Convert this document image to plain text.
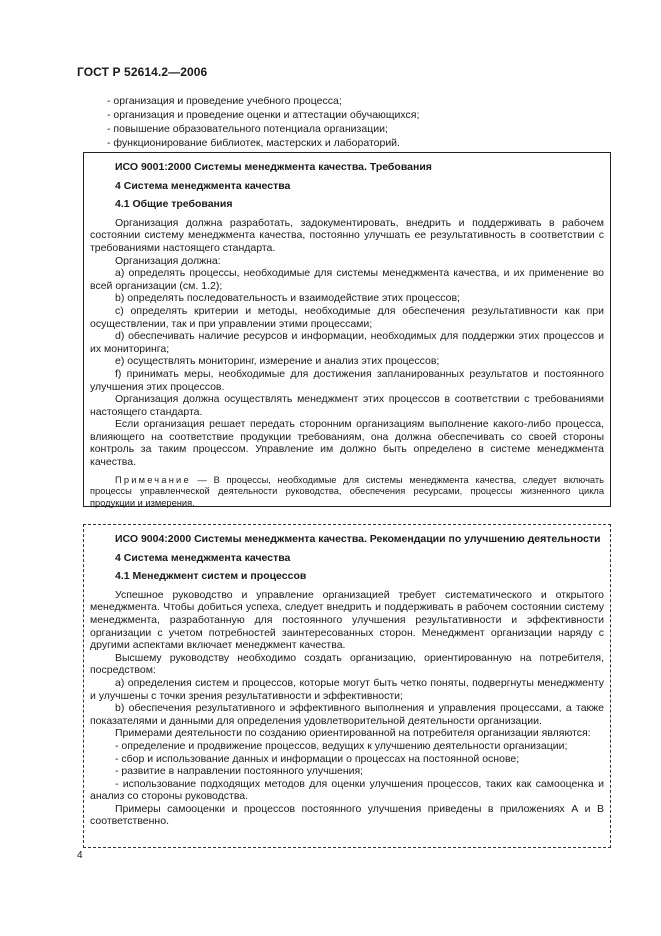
ГОСТ Р 52614.2—2006
- организация и проведение учебного процесса;
- организация и проведение оценки и аттестации обучающихся;
- повышение образовательного потенциала организации;
- функционирование библиотек, мастерских и лабораторий.

ИСО 9001:2000 Системы менеджмента качества. Требования

4 Система менеджмента качества

4.1 Общие требования

Организация должна разработать, задокументировать, внедрить и поддерживать в рабочем состоянии систему менеджмента качества, постоянно улучшать ее результативность в соответствии с требованиями настоящего стандарта.

Организация должна:

a) определять процессы, необходимые для системы менеджмента качества, и их применение во всей организации (см. 1.2);

b) определять последовательность и взаимодействие этих процессов;

c) определять критерии и методы, необходимые для обеспечения результативности как при осуществлении, так и при управлении этими процессами;

d) обеспечивать наличие ресурсов и информации, необходимых для поддержки этих процессов и их мониторинга;

e) осуществлять мониторинг, измерение и анализ этих процессов;

f) принимать меры, необходимые для достижения запланированных результатов и постоянного улучшения этих процессов.

Организация должна осуществлять менеджмент этих процессов в соответствии с требованиями настоящего стандарта.

Если организация решает передать сторонним организациям выполнение какого-либо процесса, влияющего на соответствие продукции требованиям, она должна обеспечивать со своей стороны контроль за таким процессом. Управление им должно быть определено в системе менеджмента качества.

Примечание — В процессы, необходимые для системы менеджмента качества, следует включать процессы управленческой деятельности руководства, обеспечения ресурсами, процессы жизненного цикла продукции и измерения.

ИСО 9004:2000 Системы менеджмента качества. Рекомендации по улучшению деятельности

4 Система менеджмента качества

4.1 Менеджмент систем и процессов

Успешное руководство и управление организацией требует систематического и открытого менеджмента. Чтобы добиться успеха, следует внедрить и поддерживать в рабочем состоянии систему менеджмента, разработанную для постоянного улучшения результативности и эффективности организации с учетом потребностей заинтересованных сторон. Менеджмент организации наряду с другими аспектами включает менеджмент качества.

Высшему руководству необходимо создать организацию, ориентированную на потребителя, посредством:

a) определения систем и процессов, которые могут быть четко поняты, подвергнуты менеджменту и улучшены с точки зрения результативности и эффективности;

b) обеспечения результативного и эффективного выполнения и управления процессами, а также показателями и данными для определения удовлетворительной деятельности организации.

Примерами деятельности по созданию ориентированной на потребителя организации являются:

- определение и продвижение процессов, ведущих к улучшению деятельности организации;

- сбор и использование данных и информации о процессах на постоянной основе;

- развитие в направлении постоянного улучшения;

- использование подходящих методов для оценки улучшения процессов, таких как самооценка и анализ со стороны руководства.

Примеры самооценки и процессов постоянного улучшения приведены в приложениях А и В соответственно.

4
